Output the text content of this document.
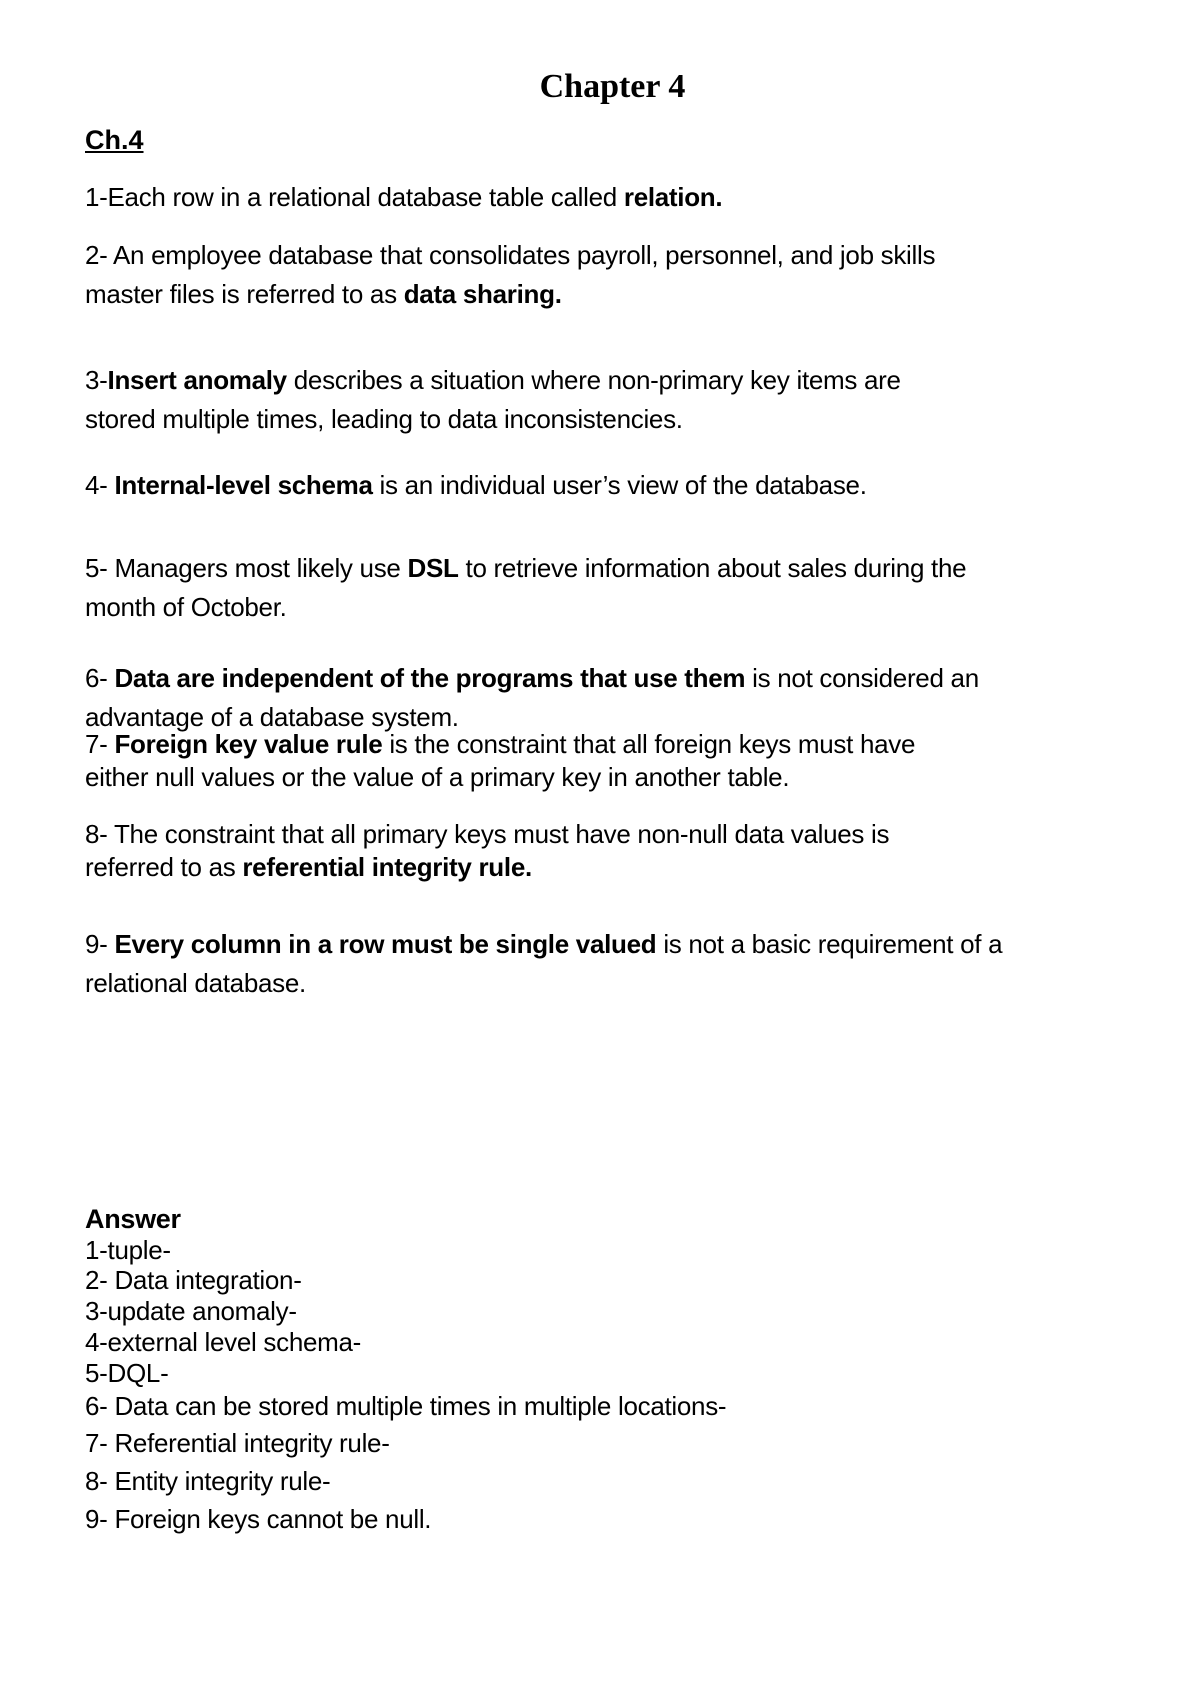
Chapter 4
Ch.4
1-Each row in a relational database table called relation.
2- An employee database that consolidates payroll, personnel, and job skills
master files is referred to as data sharing.
3-Insert anomaly describes a situation where non-primary key items are
stored multiple times, leading to data inconsistencies.
4- Internal-level schema is an individual user’s view of the database.
5- Managers most likely use DSL to retrieve information about sales during the
month of October.
6- Data are independent of the programs that use them is not considered an
advantage of a database system.
7- Foreign key value rule is the constraint that all foreign keys must have
either null values or the value of a primary key in another table.
8- The constraint that all primary keys must have non-null data values is
referred to as referential integrity rule.
9- Every column in a row must be single valued is not a basic requirement of a
relational database.
Answer
1-tuple-
2- Data integration-
3-update anomaly-
4-external level schema-
5-DQL-
6- Data can be stored multiple times in multiple locations-
7- Referential integrity rule-
8- Entity integrity rule-
9- Foreign keys cannot be null.
